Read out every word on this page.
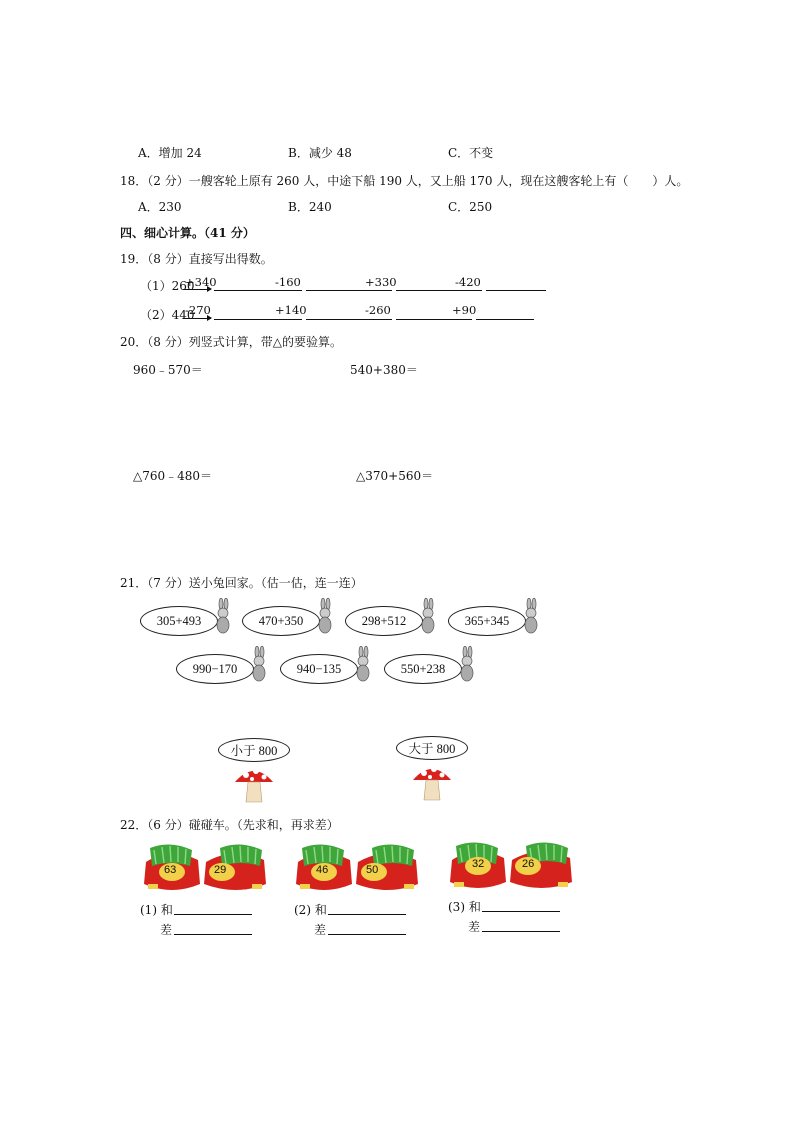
A．增加 24	B．减少 48	C．不变
18．（2 分）一艘客轮上原有 260 人，中途下船 190 人，又上船 170 人，现在这艘客轮上有（　　）人。
A．230	B．240	C．250
四、细心计算。（41 分）
19．（8 分）直接写出得数。
（1）260
+340	-160	+330	-420
（2）440
-270	+140	-260	+90
20．（8 分）列竖式计算，带△的要验算。
960﹣570＝	540+380＝
△760﹣480＝	△370+560＝
21．（7 分）送小兔回家。（估一估，连一连）
305+493	470+350	298+512	365+345
990−170	940−135	550+238
小于 800	大于 800
22．（6 分）碰碰车。（先求和，再求差）
63	29
(1) 和
差
46	50
(2) 和
差
32	26
(3) 和
差
